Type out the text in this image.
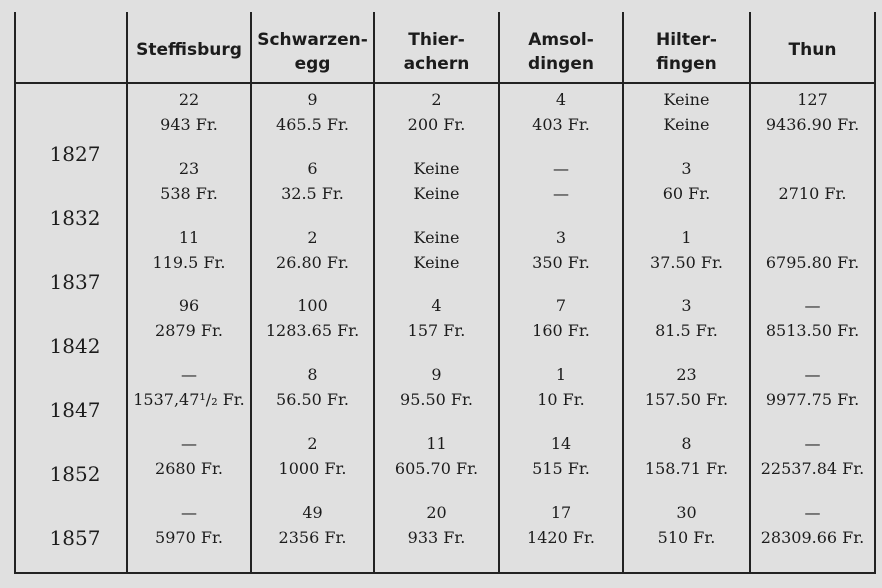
Steffisburg Schwarzen-
egg
Thier-
achern
Amsol-
dingen
Hilter-
fingen
Thun
1827
1832
1837
1842
1847
1852
1857
22
943 Fr.
9
465.5 Fr.
2
200 Fr.
4
403 Fr.
Keine
Keine
127
9436.90 Fr.
23
538 Fr.
6
32.5 Fr.
Keine
Keine
—
—
3
60 Fr.	2710 Fr.
11
119.5 Fr.
2
26.80 Fr.
Keine
Keine
3
350 Fr.
1
37.50 Fr.	6795.80 Fr.
96
2879 Fr.
100
1283.65 Fr.
4
157 Fr.
7
160 Fr.
3
81.5 Fr.
—
8513.50 Fr.
—
1537,47¹/₂ Fr.
8
56.50 Fr.
9
95.50 Fr.
1
10 Fr.
23
157.50 Fr.
—
9977.75 Fr.
—
2680 Fr.
2
1000 Fr.
11
605.70 Fr.
14
515 Fr.
8
158.71 Fr.
—
22537.84 Fr.
—
5970 Fr.
49
2356 Fr.
20
933 Fr.
17
1420 Fr.
30
510 Fr.
—
28309.66 Fr.
